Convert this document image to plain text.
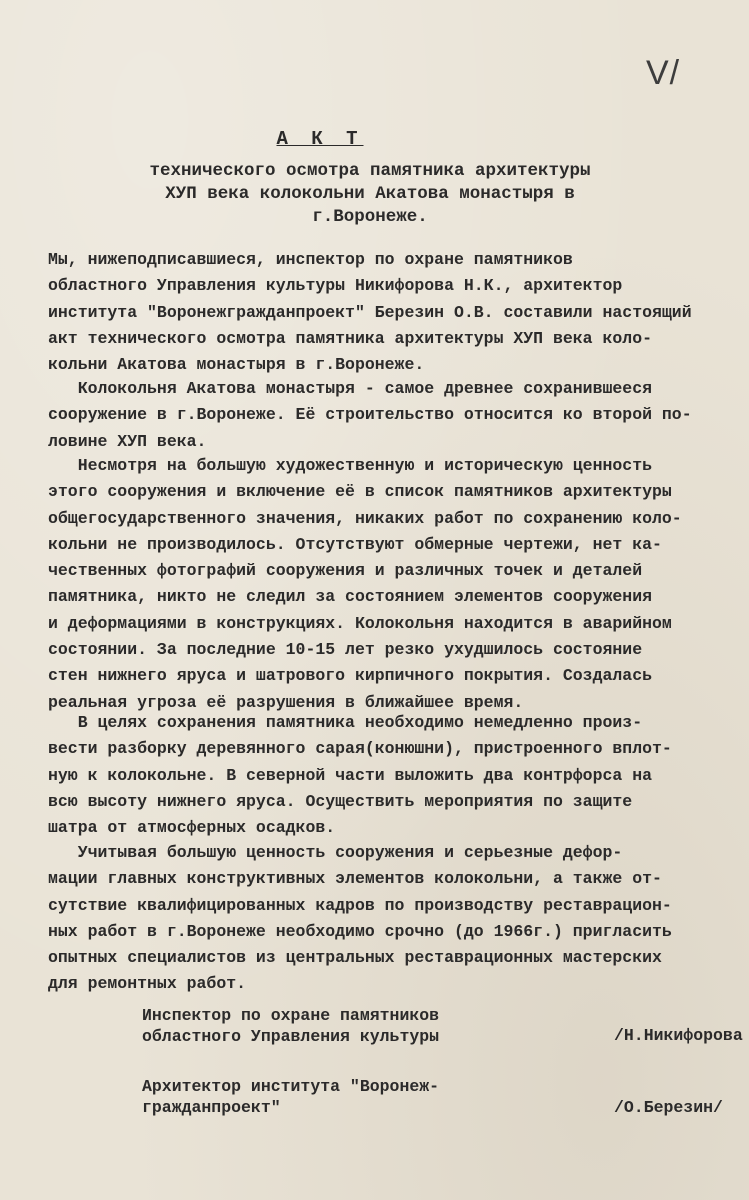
V/
А К Т
технического осмотра памятника архитектуры
ХУП века колокольни Акатова монастыря в
г.Воронеже.
Мы, нижеподписавшиеся, инспектор по охране памятников
областного Управления культуры Никифорова Н.К., архитектор
института "Воронежгражданпроект" Березин О.В. составили настоящий
акт технического осмотра памятника архитектуры ХУП века коло-
кольни Акатова монастыря в г.Воронеже.
Колокольня Акатова монастыря - самое древнее сохранившееся
сооружение в г.Воронеже. Её строительство относится ко второй по-
ловине ХУП века.
Несмотря на большую художественную и историческую ценность
этого сооружения и включение её в список памятников архитектуры
общегосударственного значения, никаких работ по сохранению коло-
кольни не производилось. Отсутствуют обмерные чертежи, нет ка-
чественных фотографий сооружения и различных точек и деталей
памятника, никто не следил за состоянием элементов сооружения
и деформациями в конструкциях. Колокольня находится в аварийном
состоянии. За последние 10-15 лет резко ухудшилось состояние
стен нижнего яруса и шатрового кирпичного покрытия. Создалась
реальная угроза её разрушения в ближайшее время.
В целях сохранения памятника необходимо немедленно произ-
вести разборку деревянного сарая(конюшни), пристроенного вплот-
ную к колокольне. В северной части выложить два контрфорса на
всю высоту нижнего яруса. Осуществить мероприятия по защите
шатра от атмосферных осадков.
Учитывая большую ценность сооружения и серьезные дефор-
мации главных конструктивных элементов колокольни, а также от-
сутствие квалифицированных кадров по производству реставрацион-
ных работ в г.Воронеже необходимо срочно (до 1966г.) пригласить
опытных специалистов из центральных реставрационных мастерских
для ремонтных работ.
Инспектор по охране памятников
областного Управления культуры	/Н.Никифорова
Архитектор института "Воронеж-
гражданпроект"	/О.Березин/
